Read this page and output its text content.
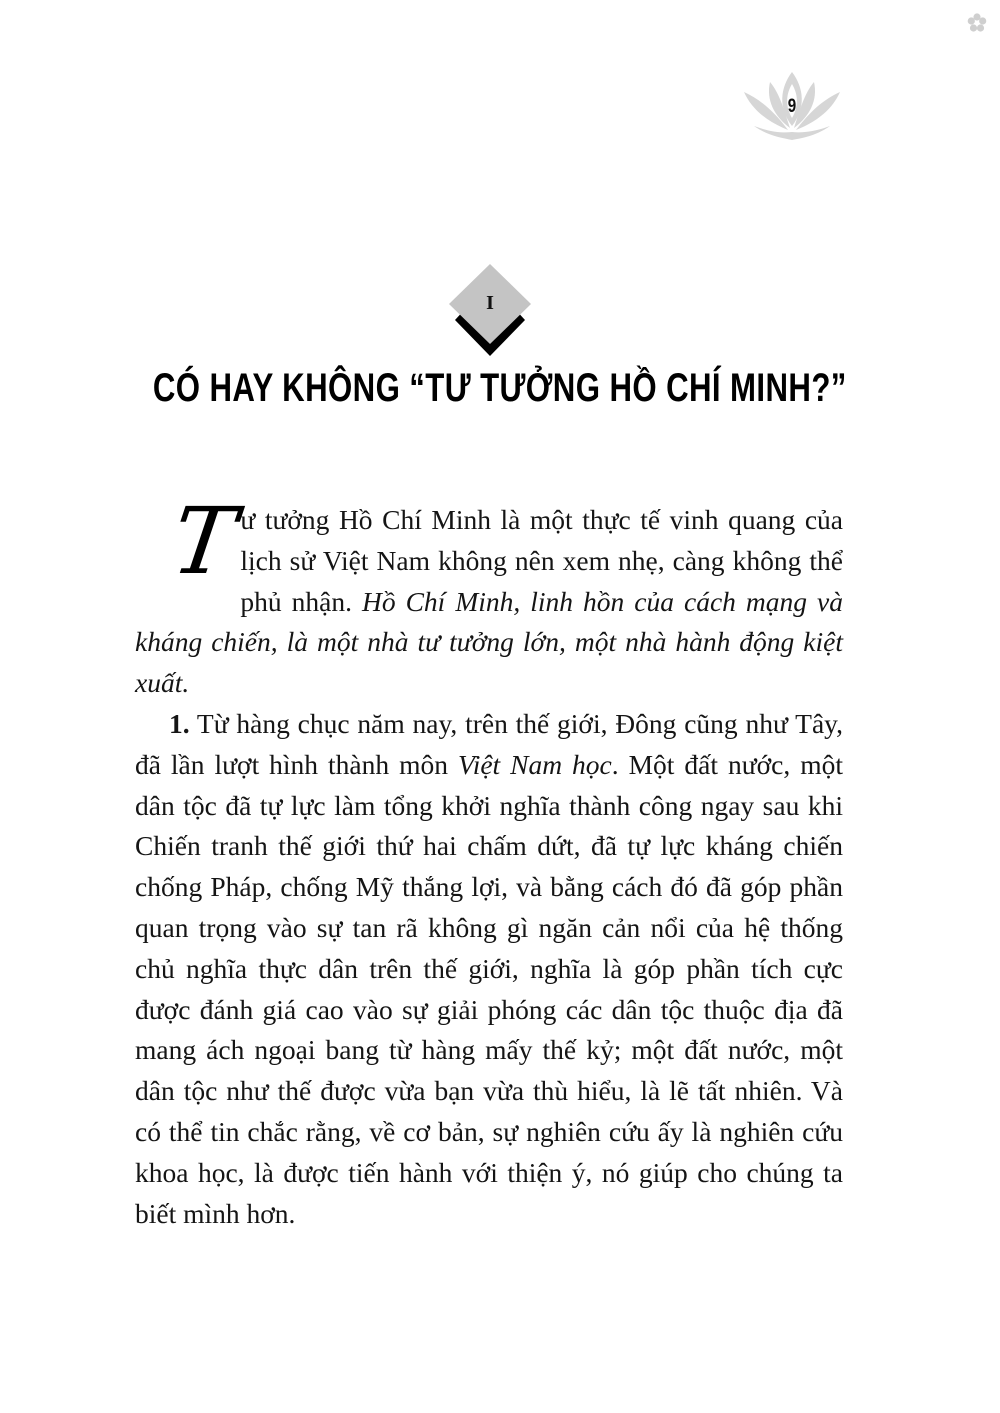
9
I
CÓ HAY KHÔNG “TƯ TƯỞNG HỒ CHÍ MINH?”

T
ư tưởng Hồ Chí Minh là một thực tế vinh quang của lịch sử Việt Nam không nên xem nhẹ, càng không thể phủ nhận. Hồ Chí Minh, linh hồn của cách mạng và kháng chiến, là một nhà tư tưởng lớn, một nhà hành động kiệt xuất.

1. Từ hàng chục năm nay, trên thế giới, Đông cũng như Tây, đã lần lượt hình thành môn Việt Nam học. Một đất nước, một dân tộc đã tự lực làm tổng khởi nghĩa thành công ngay sau khi Chiến tranh thế giới thứ hai chấm dứt, đã tự lực kháng chiến chống Pháp, chống Mỹ thắng lợi, và bằng cách đó đã góp phần quan trọng vào sự tan rã không gì ngăn cản nổi của hệ thống chủ nghĩa thực dân trên thế giới, nghĩa là góp phần tích cực được đánh giá cao vào sự giải phóng các dân tộc thuộc địa đã mang ách ngoại bang từ hàng mấy thế kỷ; một đất nước, một dân tộc như thế được vừa bạn vừa thù hiểu, là lẽ tất nhiên. Và có thể tin chắc rằng, về cơ bản, sự nghiên cứu ấy là nghiên cứu khoa học, là được tiến hành với thiện ý, nó giúp cho chúng ta biết mình hơn.
